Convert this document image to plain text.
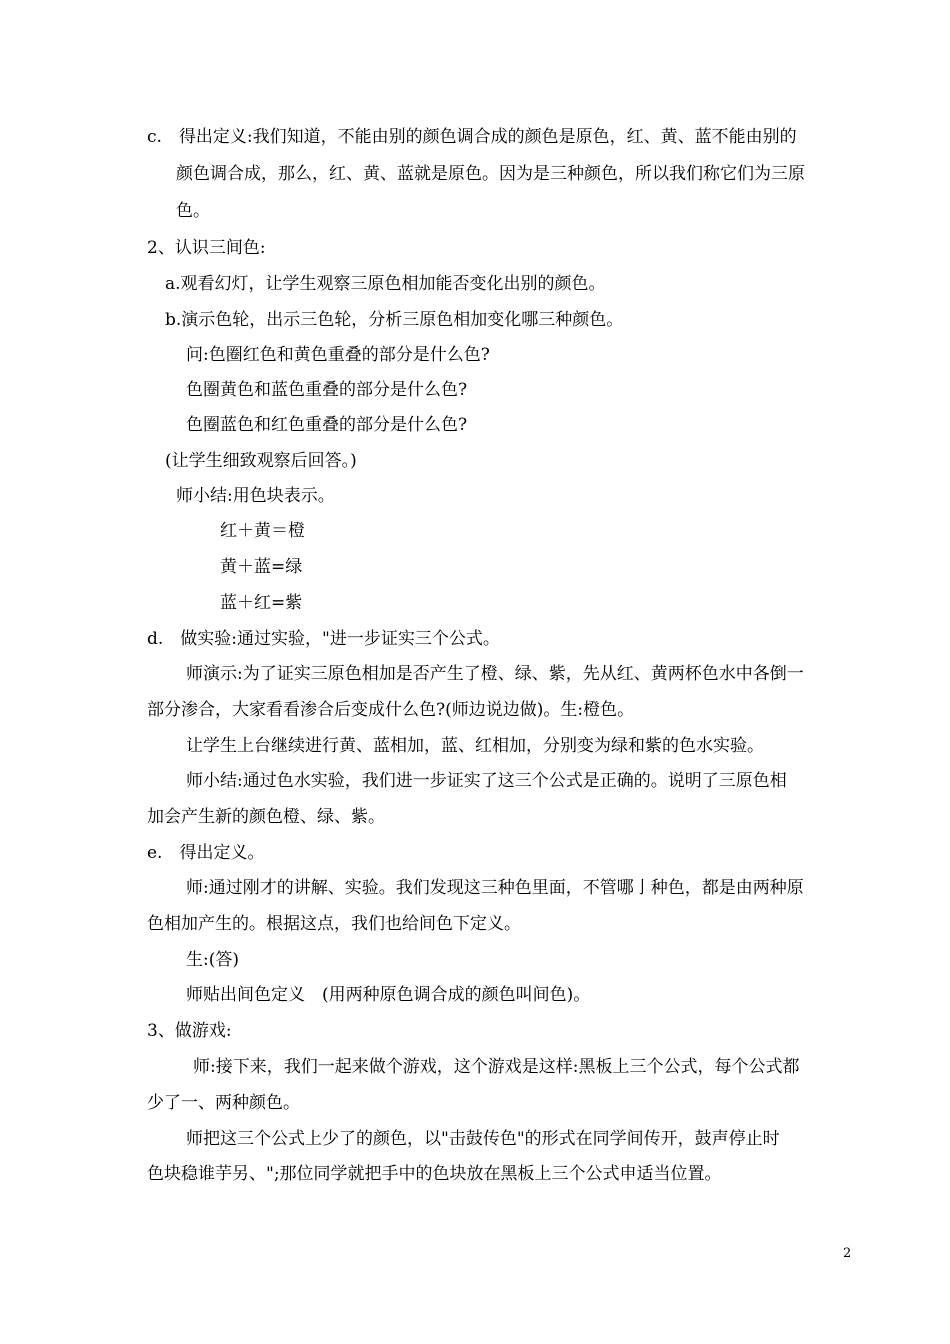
c.　得出定义:我们知道，不能由别的颜色调合成的颜色是原色，红、黄、蓝不能由别的
颜色调合成，那么，红、黄、蓝就是原色。因为是三种颜色，所以我们称它们为三原
色。
2、认识三间色:
a.观看幻灯，让学生观察三原色相加能否变化出别的颜色。
b.演示色轮，出示三色轮，分析三原色相加变化哪三种颜色。
问:色圈红色和黄色重叠的部分是什么色?
色圈黄色和蓝色重叠的部分是什么色?
色圈蓝色和红色重叠的部分是什么色?
(让学生细致观察后回答。)
师小结:用色块表示。
红＋黄＝橙
黄＋蓝=绿
蓝＋红=紫
d.　做实验:通过实验，"进一步证实三个公式。
师演示:为了证实三原色相加是否产生了橙、绿、紫，先从红、黄两杯色水中各倒一
部分渗合，大家看看渗合后变成什么色?(师边说边做)。生:橙色。
让学生上台继续进行黄、蓝相加，蓝、红相加，分别变为绿和紫的色水实验。
师小结:通过色水实验，我们进一步证实了这三个公式是正确的。说明了三原色相
加会产生新的颜色橙、绿、紫。
e.　得出定义。
师:通过刚才的讲解、实验。我们发现这三种色里面，不管哪亅种色，都是由两种原
色相加产生的。根据这点，我们也给间色下定义。
生:(答)
师贴出间色定义　(用两种原色调合成的颜色叫间色)。
3、做游戏:
师:接下来，我们一起来做个游戏，这个游戏是这样:黑板上三个公式，每个公式都
少了一、两种颜色。
师把这三个公式上少了的颜色，以"击鼓传色"的形式在同学间传开，鼓声停止时
色块稳谁芋另、";那位同学就把手中的色块放在黑板上三个公式申适当位置。
2
